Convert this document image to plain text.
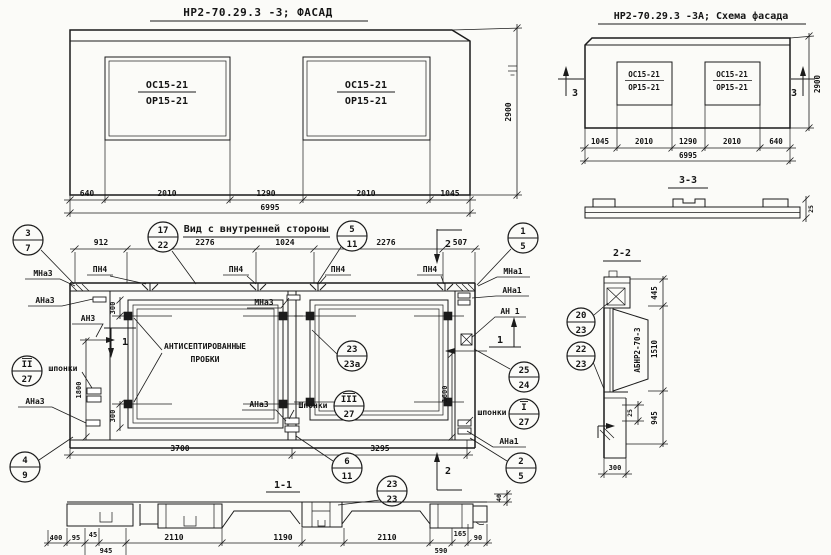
НР2-70.29.3 -3; ФАСАД
ОС15-21
ОР15-21
ОС15-21
ОР15-21
640	2010	1290	2010	1045
6995
2900
НР2-70.29.3 -3А; Схема фасада
ОС15-21
ОР15-21
ОС15-21
ОР15-21
3	3
1045	2010	1290	2010	640
6995
2900
3-3
25
Вид с внутренней стороны
912	2276	1024	2276	507
2
2
ПН4	ПН4	ПН4	ПН4
АНТИСЕПТИРОВАННЫЕ
ПРОБКИ
300
300
МНа3
АНа3
АН3
АНа3
шпонки
1800
1
МНа1
АНа1
АН 1
шпонки
АНа1
1600
1
МНа3
АНа3	Шпонки
3700	3295
3
7
17
22
5
11
1
5
25
24
I
27
2
5
6
11
4
9
II
27
III
27
23
23а
23
23
1-1
400 95 45
945
2110	1190	2110
590
165 90
40
2-2
АБНР2-70-3
25
300
445
1510
945
20
23
22
23
